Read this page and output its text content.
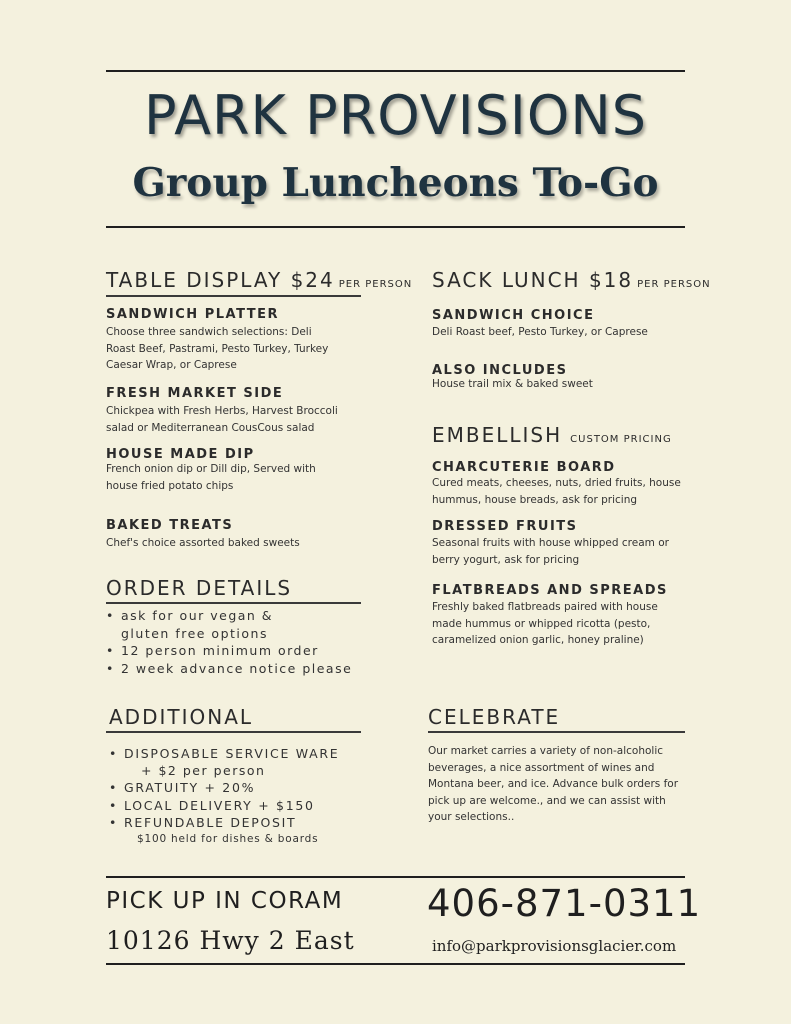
PARK PROVISIONS
Group Luncheons To-Go
TABLE DISPLAY $24 PER PERSON
SANDWICH PLATTER
Choose three sandwich selections: Deli Roast Beef, Pastrami, Pesto Turkey, Turkey Caesar Wrap, or Caprese
FRESH MARKET SIDE
Chickpea with Fresh Herbs, Harvest Broccoli salad or Mediterranean CousCous salad
HOUSE MADE DIP
French onion dip or Dill dip, Served with house fried potato chips
BAKED TREATS
Chef's choice assorted baked sweets
ORDER DETAILS
• ask for our vegan & gluten free options
• 12 person minimum order
• 2 week advance notice please
SACK LUNCH $18 PER PERSON
SANDWICH CHOICE
Deli Roast beef, Pesto Turkey, or Caprese
ALSO INCLUDES
House trail mix & baked sweet
EMBELLISH CUSTOM PRICING
CHARCUTERIE BOARD
Cured meats, cheeses, nuts, dried fruits, house hummus, house breads, ask for pricing
DRESSED FRUITS
Seasonal fruits with house whipped cream or berry yogurt, ask for pricing
FLATBREADS AND SPREADS
Freshly baked flatbreads paired with house made hummus or whipped ricotta (pesto, caramelized onion garlic, honey praline)
ADDITIONAL
• DISPOSABLE SERVICE WARE
+ $2 per person
• GRATUITY + 20%
• LOCAL DELIVERY + $150
• REFUNDABLE DEPOSIT
$100 held for dishes & boards
CELEBRATE
Our market carries a variety of non-alcoholic beverages, a nice assortment of wines and Montana beer, and ice. Advance bulk orders for pick up are welcome., and we can assist with your selections..
PICK UP IN CORAM
10126 Hwy 2 East
406-871-0311
info@parkprovisionsglacier.com
